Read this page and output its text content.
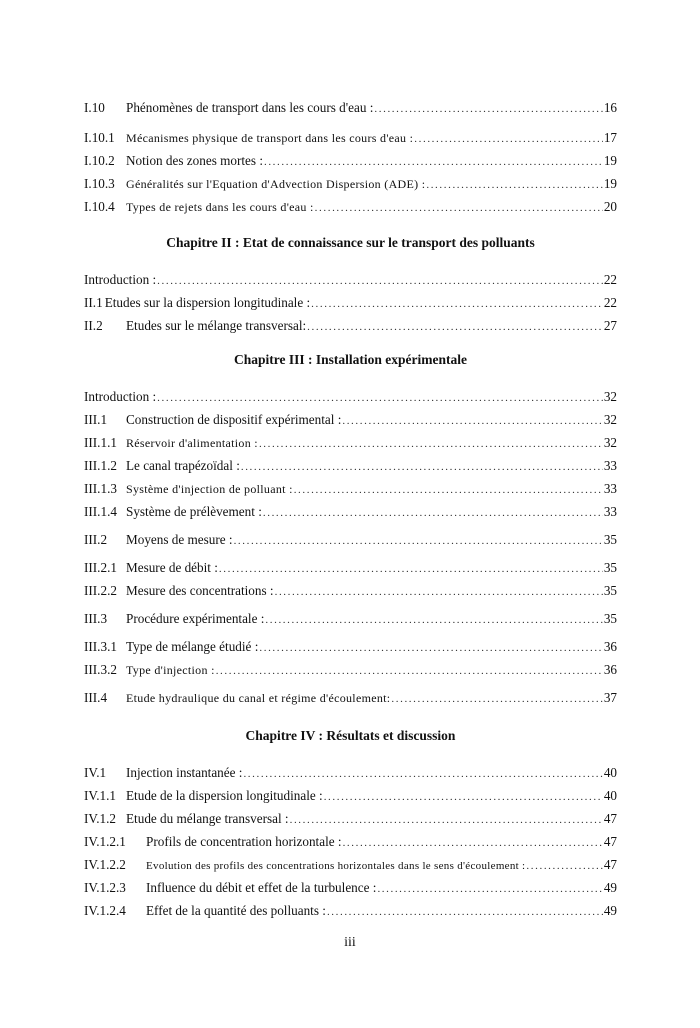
I.10	Phénomènes de transport dans les cours d'eau : .....	16
I.10.1 Mécanismes physique de transport dans les cours d'eau : .....	17
I.10.2 Notion des zones mortes : .....	19
I.10.3 Généralités sur l'Equation d'Advection Dispersion (ADE) : .....	19
I.10.4 Types de rejets dans les cours d'eau : .....	20
Chapitre II : Etat de connaissance sur le transport des polluants
Introduction : .....	22
II.1 Etudes sur la dispersion longitudinale : .....	22
II.2	Etudes sur le mélange transversal: .....	27
Chapitre III : Installation expérimentale
Introduction : .....	32
III.1	Construction de dispositif expérimental : .....	32
III.1.1 Réservoir d'alimentation : .....	32
III.1.2 Le canal trapézoïdal : .....	33
III.1.3 Système d'injection de polluant : .....	33
III.1.4 Système de prélèvement : .....	33
III.2	Moyens de mesure : .....	35
III.2.1 Mesure de débit : .....	35
III.2.2 Mesure des concentrations : .....	35
III.3	Procédure expérimentale : .....	35
III.3.1 Type de mélange étudié : .....	36
III.3.2 Type d'injection : .....	36
III.4	Etude hydraulique du canal et régime d'écoulement: .....	37
Chapitre IV : Résultats et discussion
IV.1	Injection instantanée : .....	40
IV.1.1 Etude de la dispersion longitudinale : .....	40
IV.1.2 Etude du mélange transversal : .....	47
IV.1.2.1	Profils de concentration horizontale : .....	47
IV.1.2.2	Evolution des profils des concentrations horizontales dans le sens d'écoulement : .....	47
IV.1.2.3	Influence du débit et effet de la turbulence : .....	49
IV.1.2.4	Effet de la quantité des polluants : .....	49
iii
